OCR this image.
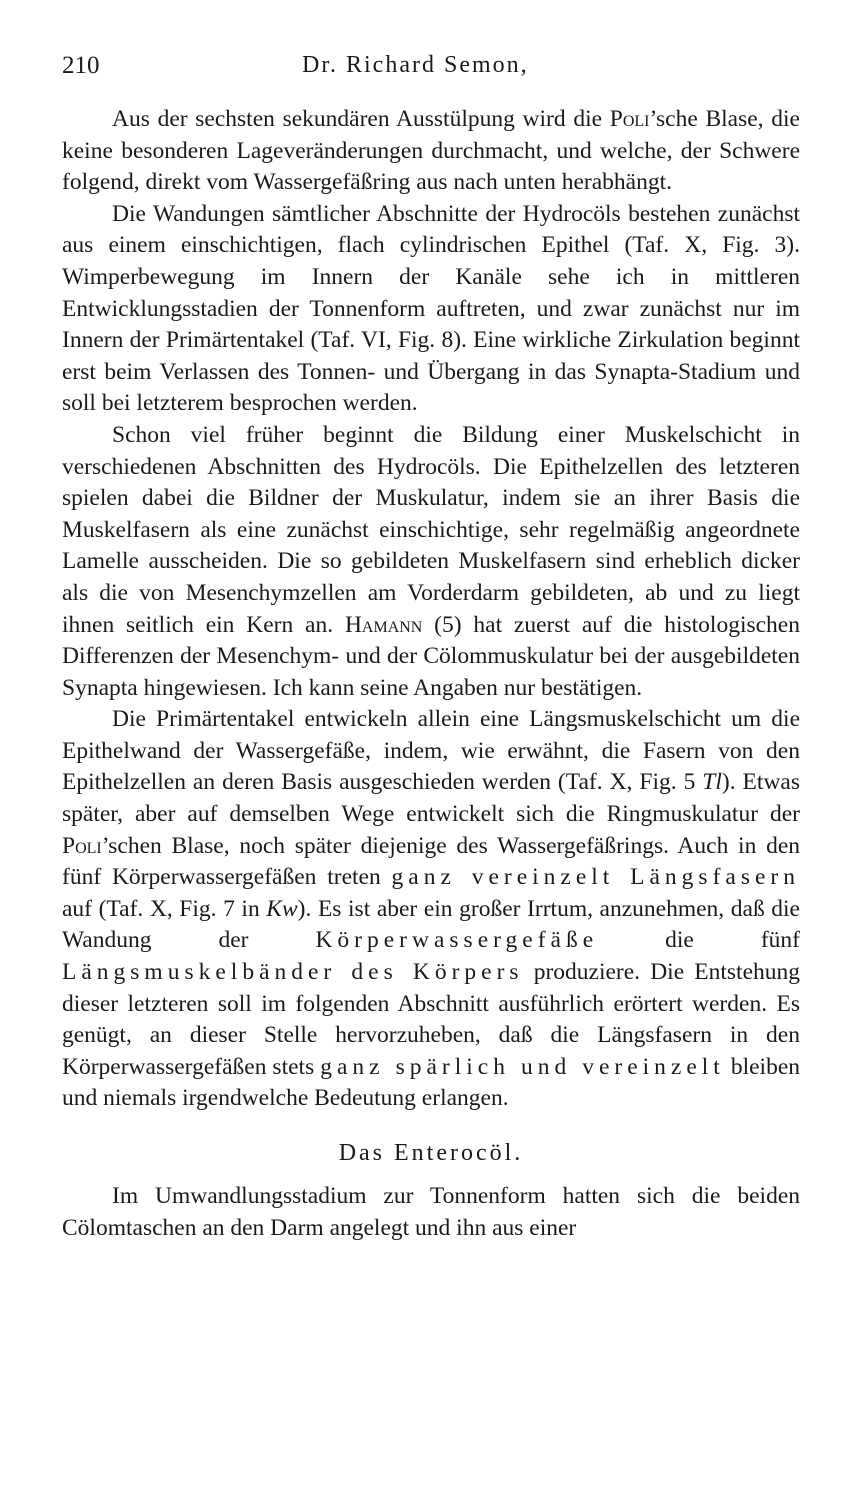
210	Dr. Richard Semon,

Aus der sechsten sekundären Ausstülpung wird die Poli’sche Blase, die keine besonderen Lageveränderungen durchmacht, und welche, der Schwere folgend, direkt vom Wassergefäßring aus nach unten herabhängt.

Die Wandungen sämtlicher Abschnitte der Hydrocöls bestehen zunächst aus einem einschichtigen, flach cylindrischen Epithel (Taf. X, Fig. 3). Wimperbewegung im Innern der Kanäle sehe ich in mittleren Entwicklungsstadien der Tonnenform auftreten, und zwar zunächst nur im Innern der Primärtentakel (Taf. VI, Fig. 8). Eine wirkliche Zirkulation beginnt erst beim Verlassen des Tonnen- und Übergang in das Synapta-Stadium und soll bei letzterem besprochen werden.

Schon viel früher beginnt die Bildung einer Muskelschicht in verschiedenen Abschnitten des Hydrocöls. Die Epithelzellen des letzteren spielen dabei die Bildner der Muskulatur, indem sie an ihrer Basis die Muskelfasern als eine zunächst einschichtige, sehr regelmäßig angeordnete Lamelle ausscheiden. Die so gebildeten Muskelfasern sind erheblich dicker als die von Mesenchymzellen am Vorderdarm gebildeten, ab und zu liegt ihnen seitlich ein Kern an. Hamann (5) hat zuerst auf die histologischen Differenzen der Mesenchym- und der Cölommuskulatur bei der ausgebildeten Synapta hingewiesen. Ich kann seine Angaben nur bestätigen.

Die Primärtentakel entwickeln allein eine Längsmuskelschicht um die Epithelwand der Wassergefäße, indem, wie erwähnt, die Fasern von den Epithelzellen an deren Basis ausgeschieden werden (Taf. X, Fig. 5 Tl). Etwas später, aber auf demselben Wege entwickelt sich die Ringmuskulatur der Poli’schen Blase, noch später diejenige des Wassergefäßrings. Auch in den fünf Körperwassergefäßen treten ganz vereinzelt Längsfasern auf (Taf. X, Fig. 7 in Kw). Es ist aber ein großer Irrtum, anzunehmen, daß die Wandung der Körperwassergefäße die fünf Längsmuskelbänder des Körpers produziere. Die Entstehung dieser letzteren soll im folgenden Abschnitt ausführlich erörtert werden. Es genügt, an dieser Stelle hervorzuheben, daß die Längsfasern in den Körperwassergefäßen stets ganz spärlich und vereinzelt bleiben und niemals irgendwelche Bedeutung erlangen.

Das Enterocöl.

Im Umwandlungsstadium zur Tonnenform hatten sich die beiden Cölomtaschen an den Darm angelegt und ihn aus einer
